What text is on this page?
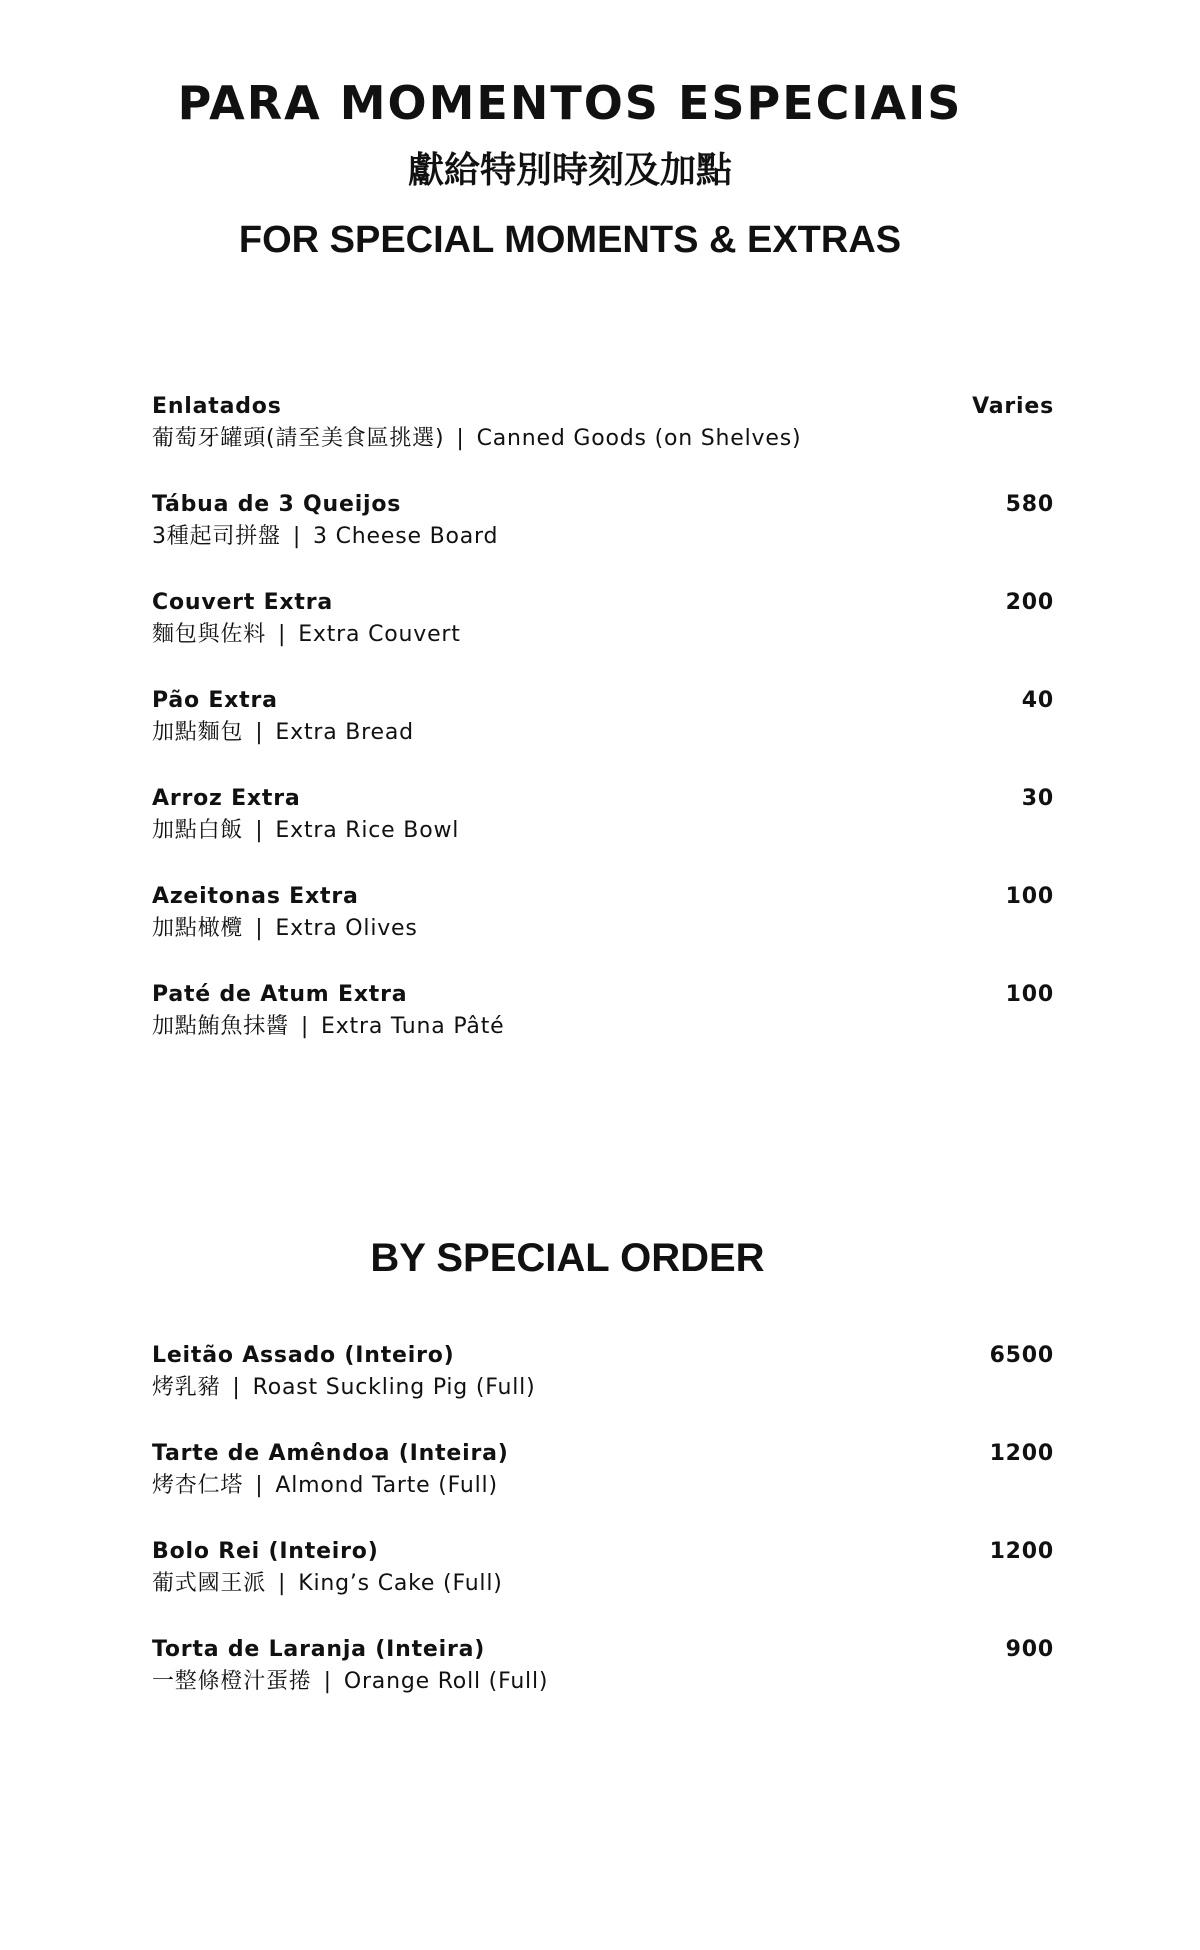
PARA MOMENTOS ESPECIAIS

獻給特別時刻及加點

FOR SPECIAL MOMENTS & EXTRAS

Enlatados
葡萄牙罐頭(請至美食區挑選) | Canned Goods (on Shelves)
Varies
Tábua de 3 Queijos
3種起司拼盤 | 3 Cheese Board
580
Couvert Extra
麵包與佐料 | Extra Couvert
200
Pão Extra
加點麵包 | Extra Bread
40
Arroz Extra
加點白飯 | Extra Rice Bowl
30
Azeitonas Extra
加點橄欖 | Extra Olives
100
Paté de Atum Extra
加點鮪魚抹醬 | Extra Tuna Pâté
100

BY SPECIAL ORDER

Leitão Assado (Inteiro)
烤乳豬 | Roast Suckling Pig (Full)
6500
Tarte de Amêndoa (Inteira)
烤杏仁塔 | Almond Tarte (Full)
1200
Bolo Rei (Inteiro)
葡式國王派 | King’s Cake (Full)
1200
Torta de Laranja (Inteira)
一整條橙汁蛋捲 | Orange Roll (Full)
900
